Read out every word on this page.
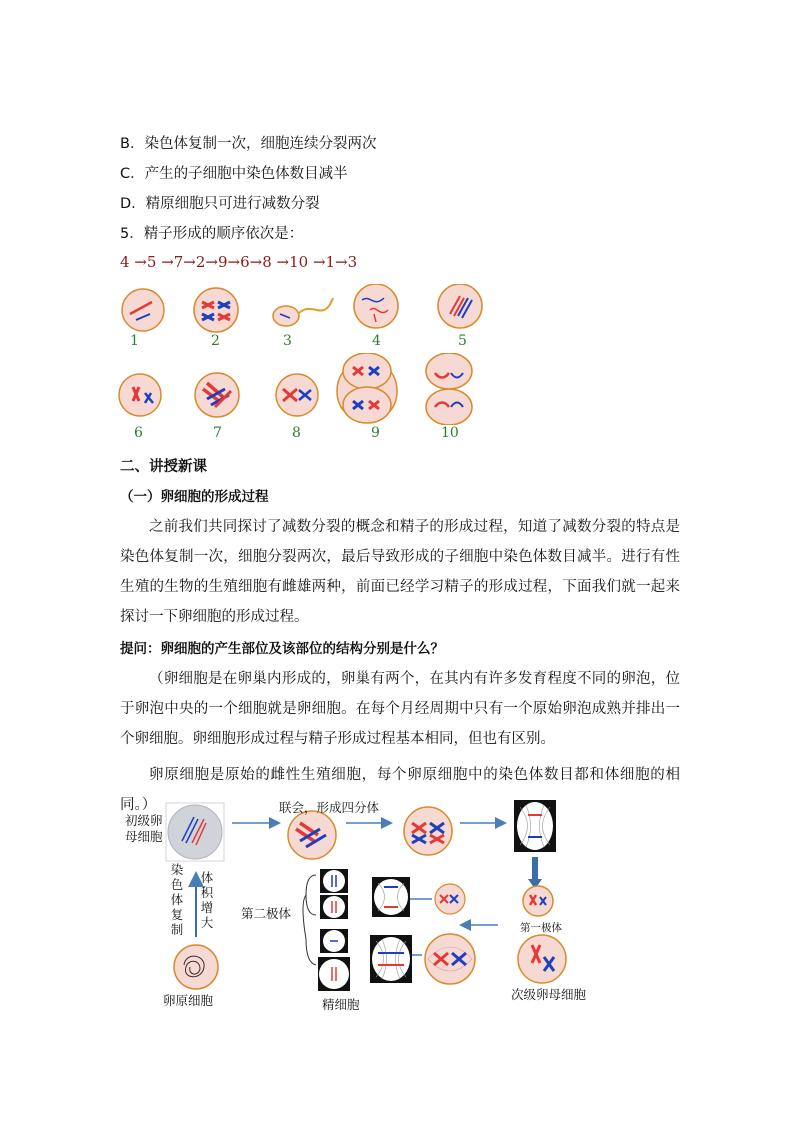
B．染色体复制一次，细胞连续分裂两次
C．产生的子细胞中染色体数目减半
D．精原细胞只可进行减数分裂
5．精子形成的顺序依次是：
4 →5 →7→2→9→6→8 →10 →1→3
1	2	3	4	5
6	7	8	9	10
二、讲授新课
（一）卵细胞的形成过程
之前我们共同探讨了减数分裂的概念和精子的形成过程，知道了减数分裂的特点是染色体复制一次，细胞分裂两次，最后导致形成的子细胞中染色体数目减半。进行有性生殖的生物的生殖细胞有雌雄两种，前面已经学习精子的形成过程，下面我们就一起来探讨一下卵细胞的形成过程。
提问：卵细胞的产生部位及该部位的结构分别是什么？
（卵细胞是在卵巢内形成的，卵巢有两个，在其内有许多发育程度不同的卵泡，位于卵泡中央的一个细胞就是卵细胞。在每个月经周期中只有一个原始卵泡成熟并排出一个卵细胞。卵细胞形成过程与精子形成过程基本相同，但也有区别。
卵原细胞是原始的雌性生殖细胞，每个卵原细胞中的染色体数目都和体细胞的相同。）
初级卵母细胞
联会，形成四分体
染色体复制
体积增大
卵原细胞
第二极体
第一极体
次级卵母细胞
精细胞
